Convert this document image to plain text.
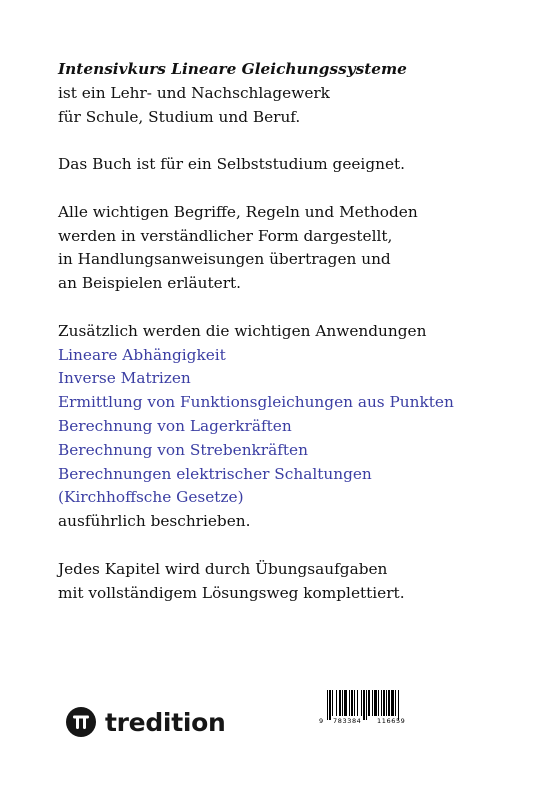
Intensivkurs Lineare Gleichungssysteme

ist ein Lehr- und Nachschlagewerk

für Schule, Studium und Beruf.

Das Buch ist für ein Selbststudium geeignet.

Alle wichtigen Begriffe, Regeln und Methoden

werden in verständlicher Form dargestellt,

in Handlungsanweisungen übertragen und

an Beispielen erläutert.

Zusätzlich werden die wichtigen Anwendungen

Lineare Abhängigkeit

Inverse Matrizen

Ermittlung von Funktionsgleichungen aus Punkten

Berechnung von Lagerkräften

Berechnung von Strebenkräften

Berechnungen elektrischer Schaltungen

(Kirchhoffsche Gesetze)

ausführlich beschrieben.

Jedes Kapitel wird durch Übungsaufgaben

mit vollständigem Lösungsweg komplettiert.

tredition	9 783384 116659
